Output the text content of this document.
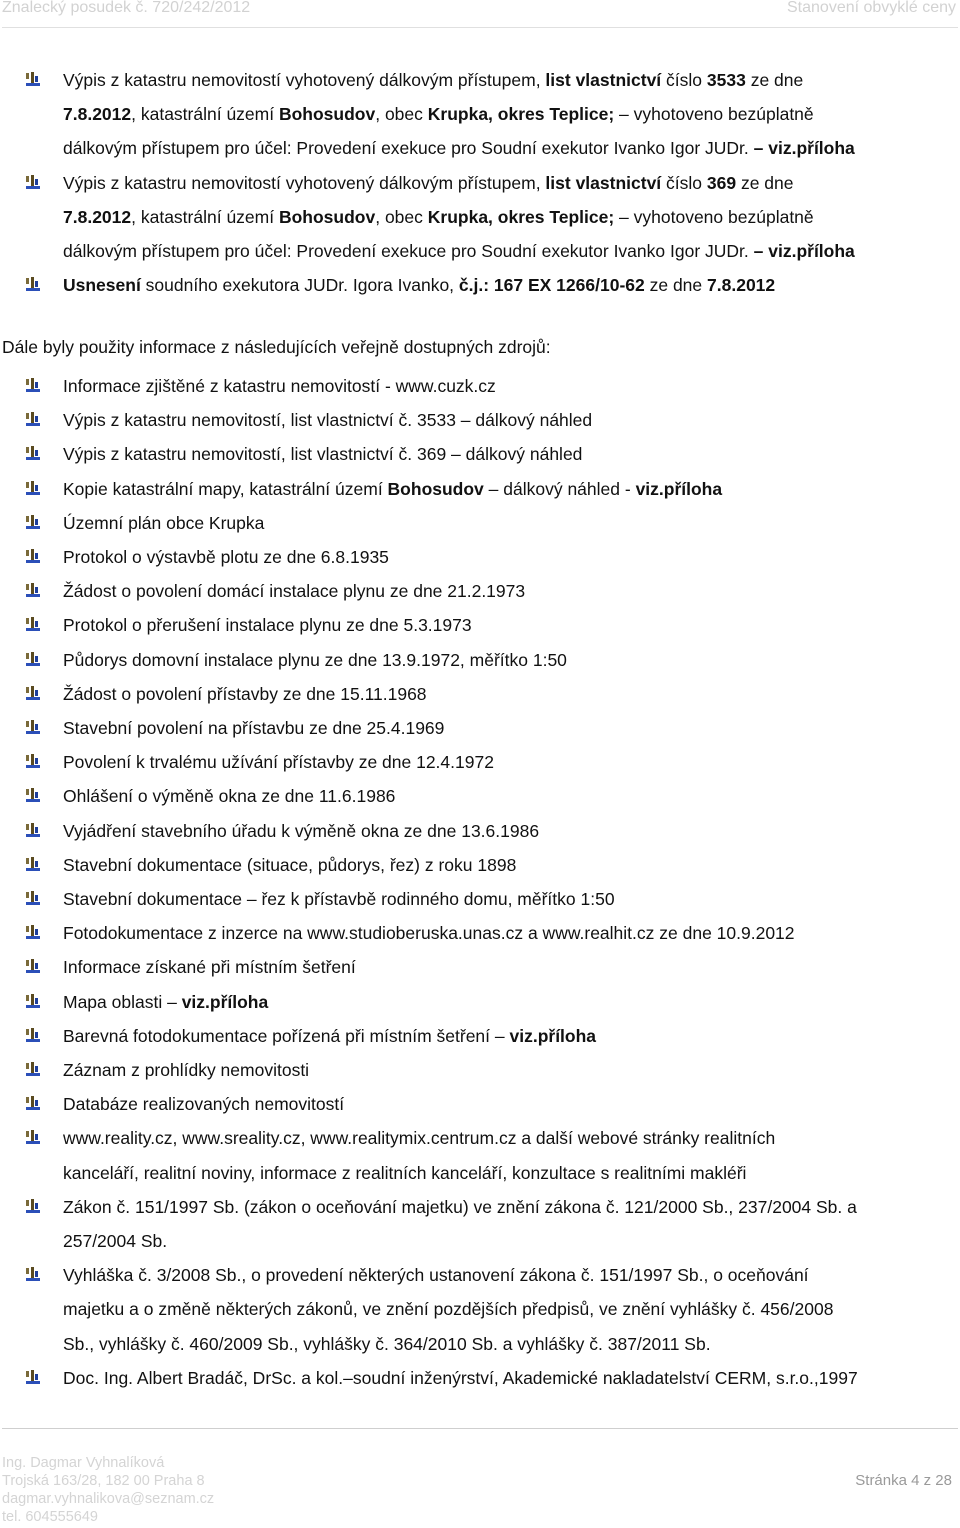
Znalecký posudek č. 720/242/2012	Stanovení obvyklé ceny
Výpis z katastru nemovitostí vyhotovený dálkovým přístupem, list vlastnictví číslo 3533 ze dne
7.8.2012, katastrální území Bohosudov, obec Krupka, okres Teplice; – vyhotoveno bezúplatně
dálkovým přístupem pro účel: Provedení exekuce pro Soudní exekutor Ivanko Igor JUDr. – viz.příloha
Výpis z katastru nemovitostí vyhotovený dálkovým přístupem, list vlastnictví číslo 369 ze dne
7.8.2012, katastrální území Bohosudov, obec Krupka, okres Teplice; – vyhotoveno bezúplatně
dálkovým přístupem pro účel: Provedení exekuce pro Soudní exekutor Ivanko Igor JUDr. – viz.příloha
Usnesení soudního exekutora JUDr. Igora Ivanko, č.j.: 167 EX 1266/10-62 ze dne 7.8.2012
Dále byly použity informace z následujících veřejně dostupných zdrojů:
Informace zjištěné z katastru nemovitostí - www.cuzk.cz
Výpis z katastru nemovitostí, list vlastnictví č. 3533 – dálkový náhled
Výpis z katastru nemovitostí, list vlastnictví č. 369 – dálkový náhled
Kopie katastrální mapy, katastrální území Bohosudov – dálkový náhled - viz.příloha
Územní plán obce Krupka
Protokol o výstavbě plotu ze dne 6.8.1935
Žádost o povolení domácí instalace plynu ze dne 21.2.1973
Protokol o přerušení instalace plynu ze dne 5.3.1973
Půdorys domovní instalace plynu ze dne 13.9.1972, měřítko 1:50
Žádost o povolení přístavby ze dne 15.11.1968
Stavební povolení na přístavbu ze dne 25.4.1969
Povolení k trvalému užívání přístavby ze dne 12.4.1972
Ohlášení o výměně okna ze dne 11.6.1986
Vyjádření stavebního úřadu k výměně okna ze dne 13.6.1986
Stavební dokumentace (situace, půdorys, řez) z roku 1898
Stavební dokumentace – řez k přístavbě rodinného domu, měřítko 1:50
Fotodokumentace z inzerce na www.studioberuska.unas.cz a www.realhit.cz ze dne 10.9.2012
Informace získané při místním šetření
Mapa oblasti – viz.příloha
Barevná fotodokumentace pořízená při místním šetření – viz.příloha
Záznam z prohlídky nemovitosti
Databáze realizovaných nemovitostí
www.reality.cz, www.sreality.cz, www.realitymix.centrum.cz a další webové stránky realitních
kanceláří, realitní noviny, informace z realitních kanceláří, konzultace s realitními makléři
Zákon č. 151/1997 Sb. (zákon o oceňování majetku) ve znění zákona č. 121/2000 Sb., 237/2004 Sb. a
257/2004 Sb.
Vyhláška č. 3/2008 Sb., o provedení některých ustanovení zákona č. 151/1997 Sb., o oceňování
majetku a o změně některých zákonů, ve znění pozdějších předpisů, ve znění vyhlášky č. 456/2008
Sb., vyhlášky č. 460/2009 Sb., vyhlášky č. 364/2010 Sb. a vyhlášky č. 387/2011 Sb.
Doc. Ing. Albert Bradáč, DrSc. a kol.–soudní inženýrství, Akademické nakladatelství CERM, s.r.o.,1997
Ing. Dagmar Vyhnalíková
Trojská 163/28, 182 00 Praha 8
dagmar.vyhnalikova@seznam.cz
tel. 604555649
Stránka 4 z 28
